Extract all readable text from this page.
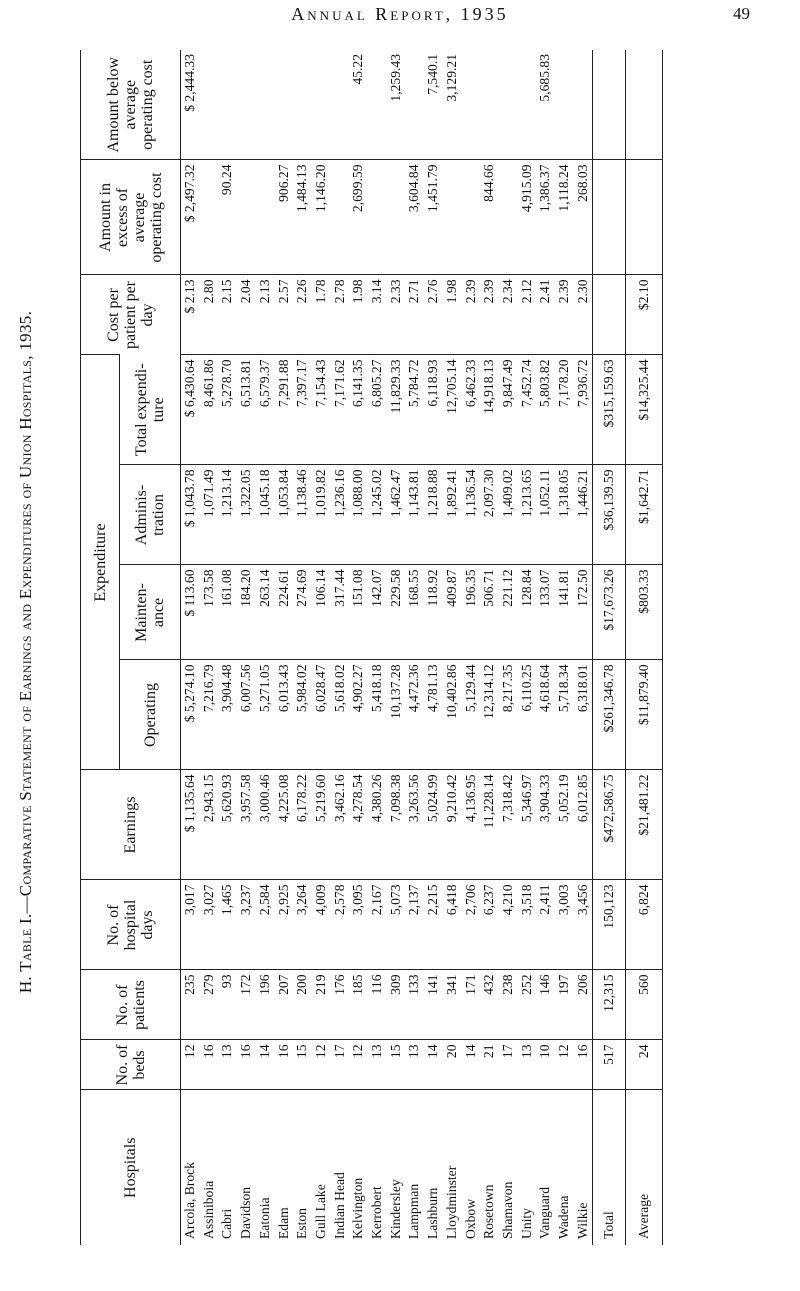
Annual Report, 1935	49
H. Table I.—Comparative Statement of Earnings and Expenditures of Union Hospitals, 1935.
Hospitals	No. of beds	No. of patients	No. of hospital days	Earnings	Expenditure				Cost per patient per day	Amount in excess of average operating cost	Amount below average operating cost
					Operating	Mainten- ance	Adminis- tration	Total expendi- ture			
Arcola, Brock	12	235	3,017	$ 1,135.64	$ 5,274.10	$ 113.60	$ 1,043.78	$ 6,430.64	$ 2.13	$ 2,497.32	$ 2,444.33
Assiniboia	16	279	3,027	2,943.15	7,216.79	173.58	1,071.49	8,461.86	2.80		
Cabri	13	93	1,465	5,620.93	3,904.48	161.08	1,213.14	5,278.70	2.15	90.24	
Davidson	16	172	3,237	3,957.58	6,007.56	184.20	1,322.05	6,513.81	2.04		
Eatonia	14	196	2,584	3,000.46	5,271.05	263.14	1,045.18	6,579.37	2.13		
Edam	16	207	2,925	4,225.08	6,013.43	224.61	1,053.84	7,291.88	2.57	906.27	
Eston	15	200	3,264	6,178.22	5,984.02	274.69	1,138.46	7,397.17	2.26	1,484.13	
Gull Lake	12	219	4,009	5,219.60	6,028.47	106.14	1,019.82	7,154.43	1.78	1,146.20	
Indian Head	17	176	2,578	3,462.16	5,618.02	317.44	1,236.16	7,171.62	2.78		
Kelvington	12	185	3,095	4,278.54	4,902.27	151.08	1,088.00	6,141.35	1.98	2,699.59	45.22
Kerrobert	13	116	2,167	4,380.26	5,418.18	142.07	1,245.02	6,805.27	3.14		
Kindersley	15	309	5,073	7,098.38	10,137.28	229.58	1,462.47	11,829.33	2.33		1,259.43
Lampman	13	133	2,137	3,263.56	4,472.36	168.55	1,143.81	5,784.72	2.71	3,604.84	
Lashburn	14	141	2,215	5,024.99	4,781.13	118.92	1,218.88	6,118.93	2.76	1,451.79	7,540.1
Lloydminster	20	341	6,418	9,210.42	10,402.86	409.87	1,892.41	12,705.14	1.98		3,129.21
Oxbow	14	171	2,706	4,136.95	5,129.44	196.35	1,136.54	6,462.33	2.39		
Rosetown	21	432	6,237	11,228.14	12,314.12	506.71	2,097.30	14,918.13	2.39	844.66	
Shamavon	17	238	4,210	7,318.42	8,217.35	221.12	1,409.02	9,847.49	2.34		
Unity	13	252	3,518	5,346.97	6,110.25	128.84	1,213.65	7,452.74	2.12	4,915.09	
Vanguard	10	146	2,411	3,904.33	4,618.64	133.07	1,052.11	5,803.82	2.41	1,386.37	5,685.83
Wadena	12	197	3,003	5,052.19	5,718.34	141.81	1,318.05	7,178.20	2.39	1,118.24	
Wilkie	16	206	3,456	6,012.85	6,318.01	172.50	1,446.21	7,936.72	2.30	268.03	
Total	517	12,315	150,123	$472,586.75	$261,346.78	$17,673.26	$36,139.59	$315,159.63			
Average	24	560	6,824	$21,481.22	$11,879.40	$803.33	$1,642.71	$14,325.44	$2.10		
